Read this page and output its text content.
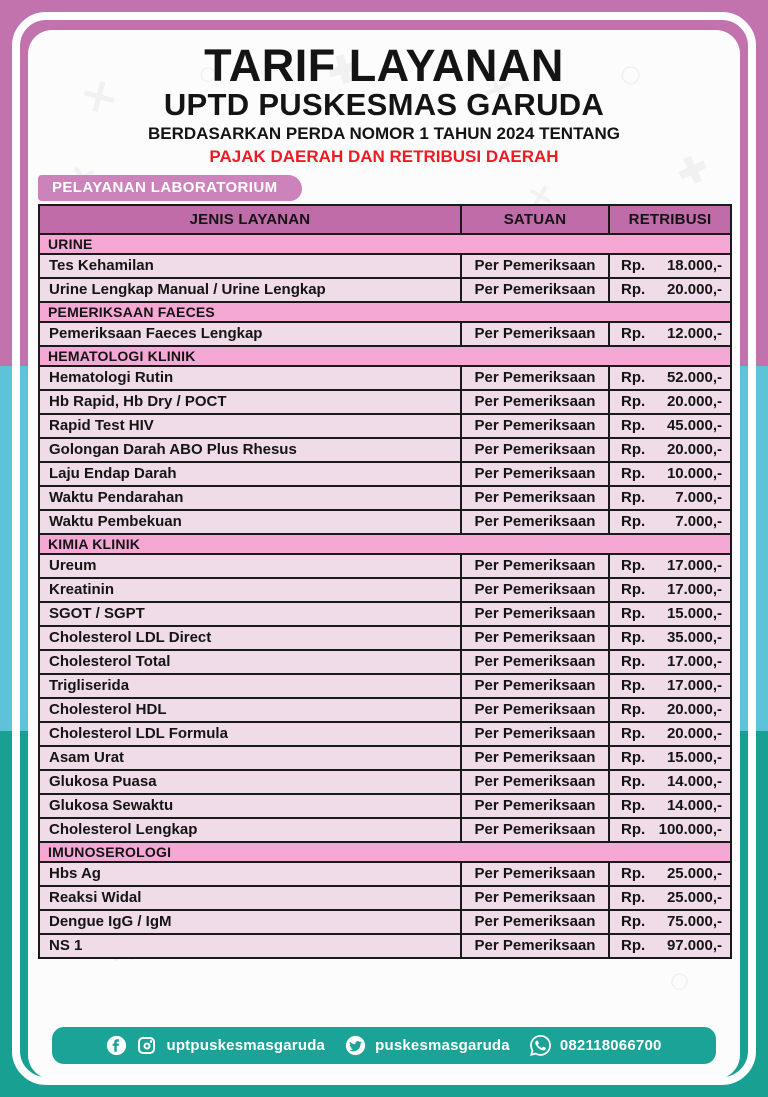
TARIF LAYANAN
UPTD PUSKESMAS GARUDA
BERDASARKAN PERDA NOMOR 1 TAHUN 2024 TENTANG
PAJAK DAERAH DAN RETRIBUSI DAERAH
PELAYANAN LABORATORIUM
JENIS LAYANAN	SATUAN	RETRIBUSI
URINE		
Tes Kehamilan	Per Pemeriksaan	Rp. 18.000,-

Urine Lengkap Manual / Urine Lengkap	Per Pemeriksaan	Rp. 20.000,-

PEMERIKSAAN FAECES		
Pemeriksaan Faeces Lengkap	Per Pemeriksaan	Rp. 12.000,-

HEMATOLOGI KLINIK		
Hematologi Rutin	Per Pemeriksaan	Rp. 52.000,-

Hb Rapid, Hb Dry / POCT	Per Pemeriksaan	Rp. 20.000,-

Rapid Test HIV	Per Pemeriksaan	Rp. 45.000,-

Golongan Darah ABO Plus Rhesus	Per Pemeriksaan	Rp. 20.000,-

Laju Endap Darah	Per Pemeriksaan	Rp. 10.000,-

Waktu Pendarahan	Per Pemeriksaan	Rp. 7.000,-

Waktu Pembekuan	Per Pemeriksaan	Rp. 7.000,-

KIMIA KLINIK		
Ureum	Per Pemeriksaan	Rp. 17.000,-

Kreatinin	Per Pemeriksaan	Rp. 17.000,-

SGOT / SGPT	Per Pemeriksaan	Rp. 15.000,-

Cholesterol LDL Direct	Per Pemeriksaan	Rp. 35.000,-

Cholesterol Total	Per Pemeriksaan	Rp. 17.000,-

Trigliserida	Per Pemeriksaan	Rp. 17.000,-

Cholesterol HDL	Per Pemeriksaan	Rp. 20.000,-

Cholesterol LDL Formula	Per Pemeriksaan	Rp. 20.000,-

Asam Urat	Per Pemeriksaan	Rp. 15.000,-

Glukosa Puasa	Per Pemeriksaan	Rp. 14.000,-

Glukosa Sewaktu	Per Pemeriksaan	Rp. 14.000,-

Cholesterol Lengkap	Per Pemeriksaan	Rp. 100.000,-

IMUNOSEROLOGI		
Hbs Ag	Per Pemeriksaan	Rp. 25.000,-

Reaksi Widal	Per Pemeriksaan	Rp. 25.000,-

Dengue IgG / IgM	Per Pemeriksaan	Rp. 75.000,-

NS 1	Per Pemeriksaan	Rp. 97.000,-
uptpuskesmasgaruda	puskesmasgaruda	082118066700
